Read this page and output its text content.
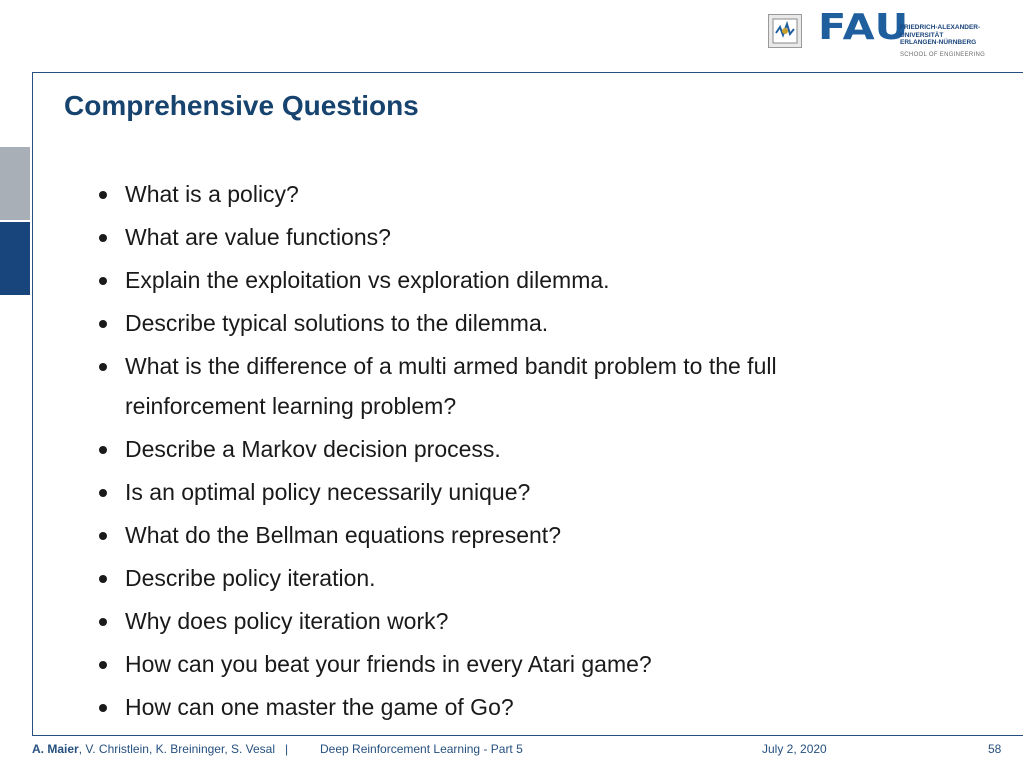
FAU
FRIEDRICH-ALEXANDER-
UNIVERSITÄT
ERLANGEN-NÜRNBERG
SCHOOL OF ENGINEERING
Comprehensive Questions
What is a policy?
What are value functions?
Explain the exploitation vs exploration dilemma.
Describe typical solutions to the dilemma.
What is the difference of a multi armed bandit problem to the full reinforcement learning problem?
Describe a Markov decision process.
Is an optimal policy necessarily unique?
What do the Bellman equations represent?
Describe policy iteration.
Why does policy iteration work?
How can you beat your friends in every Atari game?
How can one master the game of Go?
A. Maier, V. Christlein, K. Breininger, S. Vesal |	Deep Reinforcement Learning - Part 5	July 2, 2020	58
